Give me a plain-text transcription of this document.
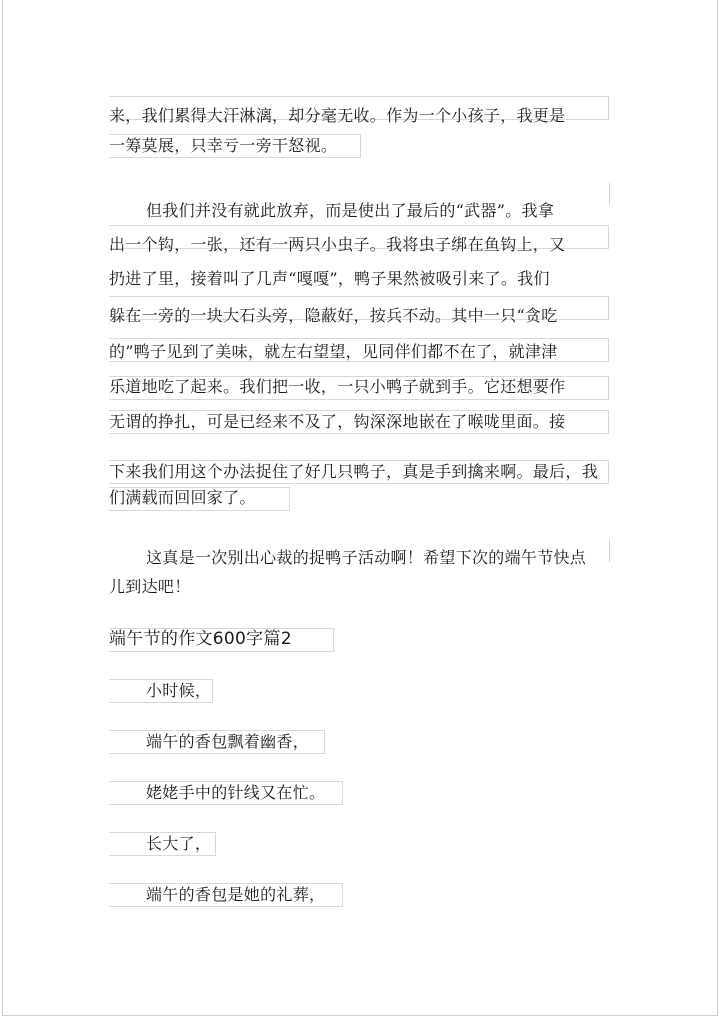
来，我们累得大汗淋漓，却分毫无收。作为一个小孩子，我更是
一筹莫展，只幸亏一旁干怒视。
但我们并没有就此放弃，而是使出了最后的“武器”。我拿
出一个钩，一张，还有一两只小虫子。我将虫子绑在鱼钩上，又
扔进了里，接着叫了几声“嘎嘎”，鸭子果然被吸引来了。我们
躲在一旁的一块大石头旁，隐蔽好，按兵不动。其中一只“贪吃
的”鸭子见到了美味，就左右望望，见同伴们都不在了，就津津
乐道地吃了起来。我们把一收，一只小鸭子就到手。它还想要作
无谓的挣扎，可是已经来不及了，钩深深地嵌在了喉咙里面。接
下来我们用这个办法捉住了好几只鸭子，真是手到擒来啊。最后，我
们满载而回回家了。
这真是一次别出心裁的捉鸭子活动啊！希望下次的端午节快点
儿到达吧！
端午节的作文600字篇2
小时候，
端午的香包飘着幽香，
姥姥手中的针线又在忙。
长大了，
端午的香包是她的礼葬，
